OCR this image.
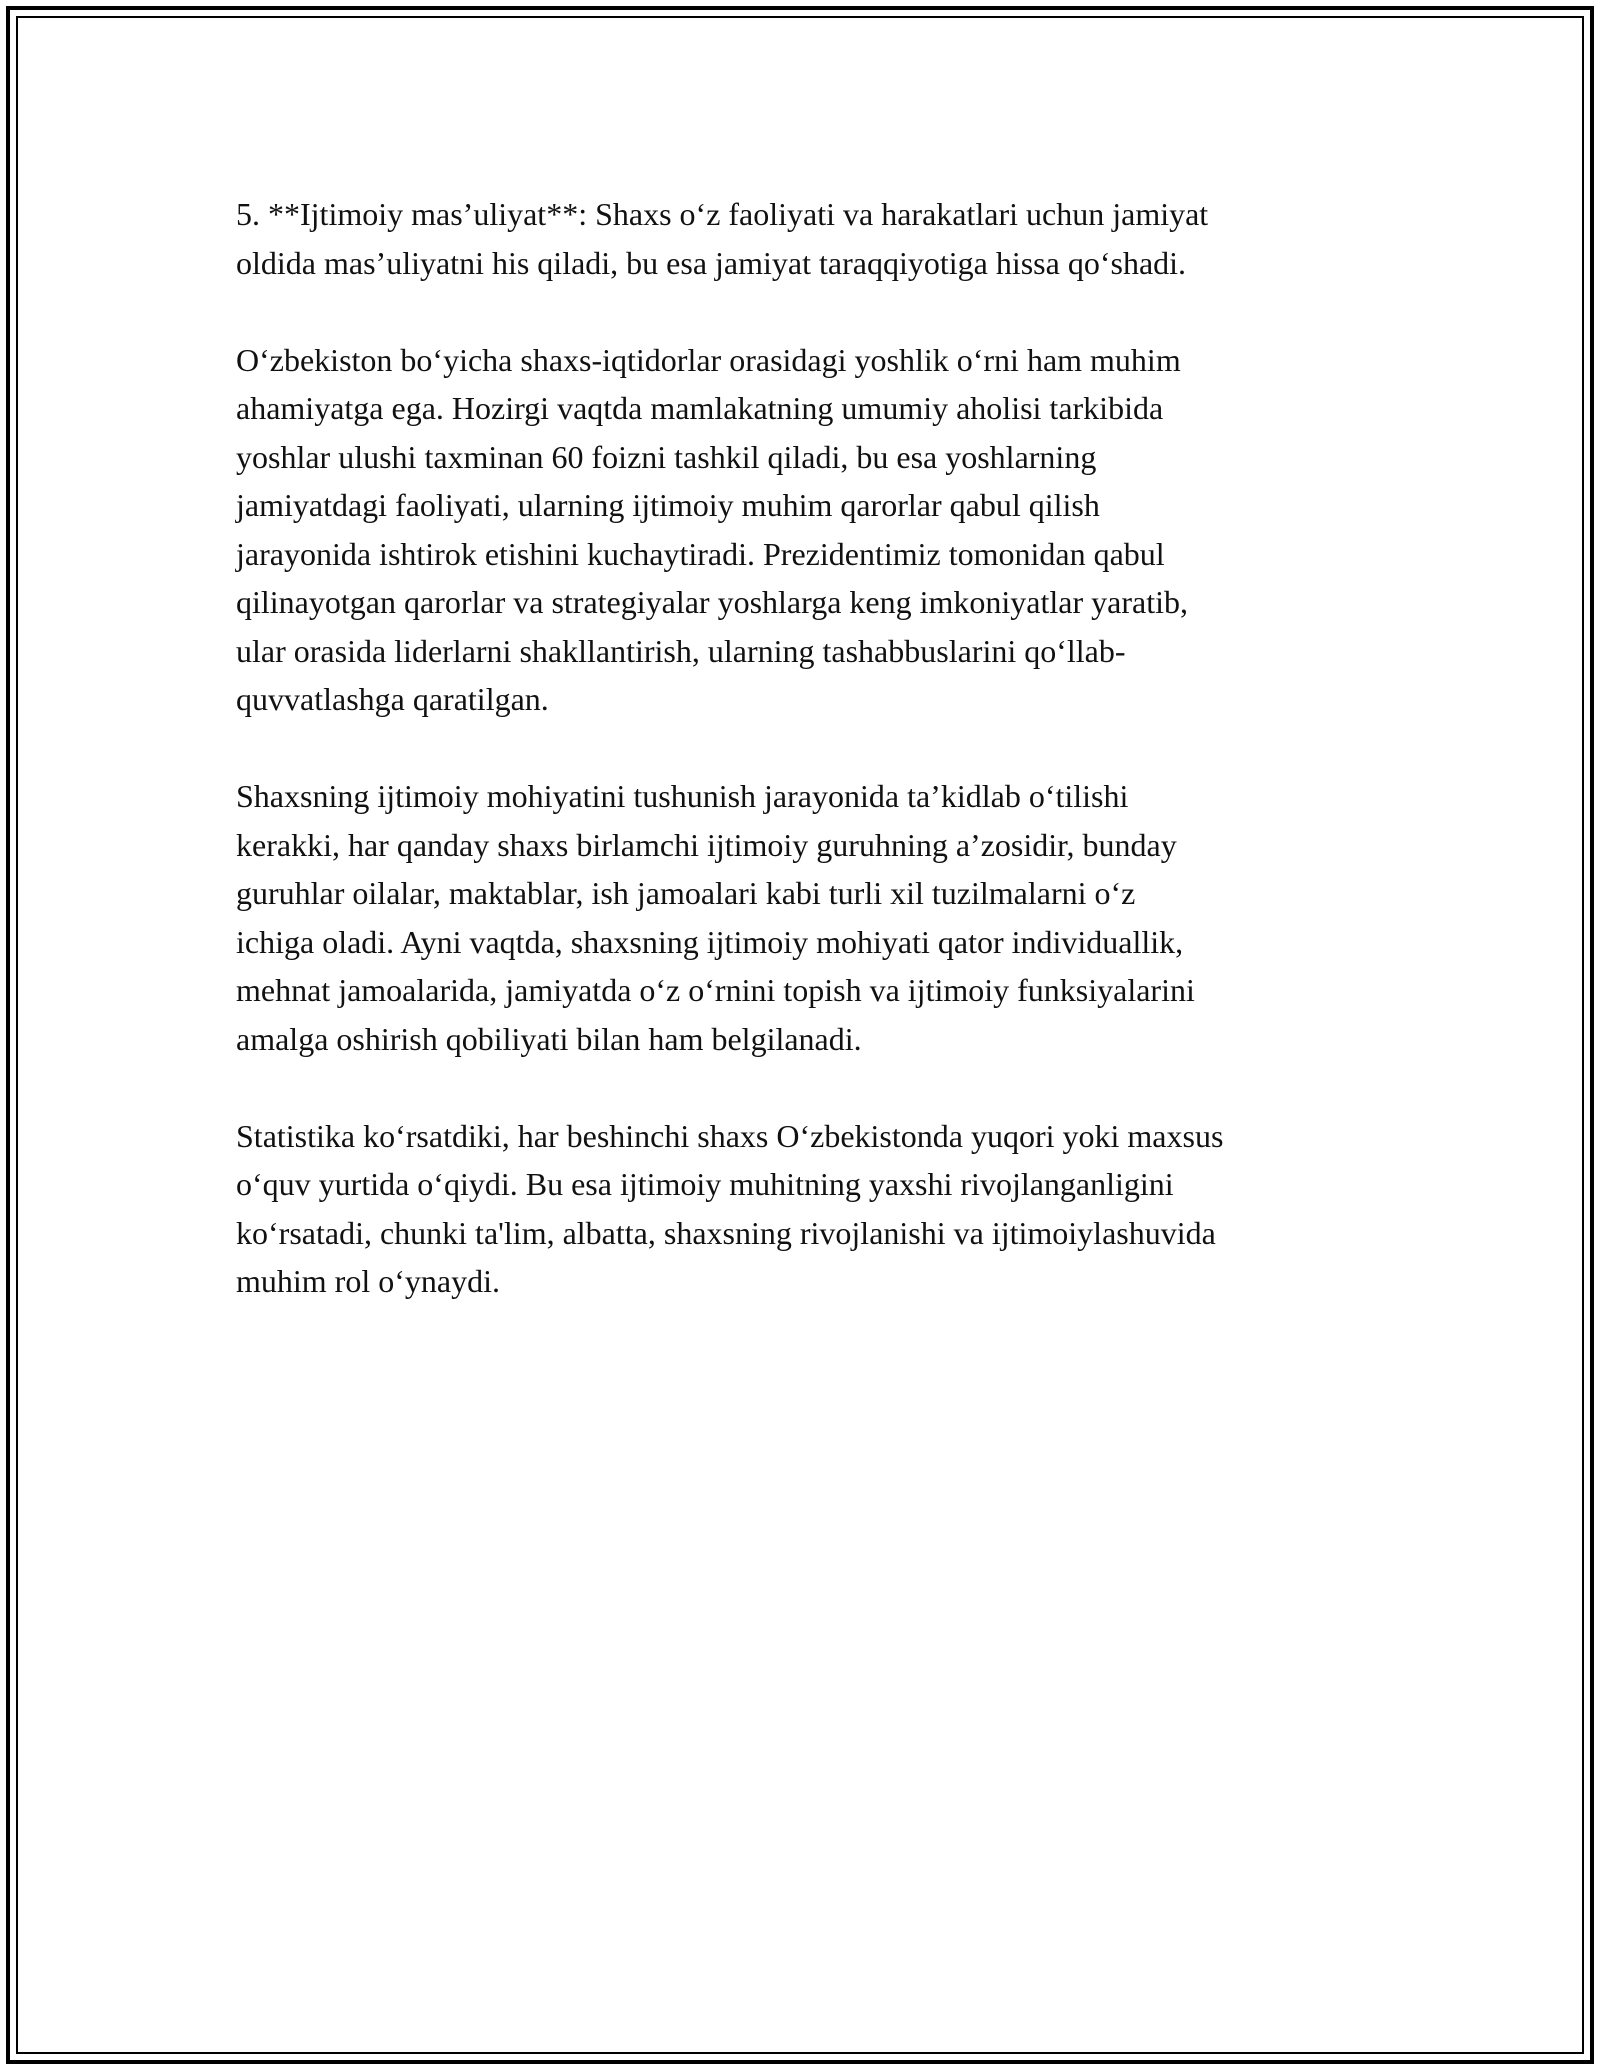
5. **Ijtimoiy mas’uliyat**: Shaxs o‘z faoliyati va harakatlari uchun jamiyat
oldida mas’uliyatni his qiladi, bu esa jamiyat taraqqiyotiga hissa qo‘shadi.

O‘zbekiston bo‘yicha shaxs-iqtidorlar orasidagi yoshlik o‘rni ham muhim
ahamiyatga ega. Hozirgi vaqtda mamlakatning umumiy aholisi tarkibida
yoshlar ulushi taxminan 60 foizni tashkil qiladi, bu esa yoshlarning
jamiyatdagi faoliyati, ularning ijtimoiy muhim qarorlar qabul qilish
jarayonida ishtirok etishini kuchaytiradi. Prezidentimiz tomonidan qabul
qilinayotgan qarorlar va strategiyalar yoshlarga keng imkoniyatlar yaratib,
ular orasida liderlarni shakllantirish, ularning tashabbuslarini qo‘llab-
quvvatlashga qaratilgan.

Shaxsning ijtimoiy mohiyatini tushunish jarayonida ta’kidlab o‘tilishi
kerakki, har qanday shaxs birlamchi ijtimoiy guruhning a’zosidir, bunday
guruhlar oilalar, maktablar, ish jamoalari kabi turli xil tuzilmalarni o‘z
ichiga oladi. Ayni vaqtda, shaxsning ijtimoiy mohiyati qator individuallik,
mehnat jamoalarida, jamiyatda o‘z o‘rnini topish va ijtimoiy funksiyalarini
amalga oshirish qobiliyati bilan ham belgilanadi.

Statistika ko‘rsatdiki, har beshinchi shaxs O‘zbekistonda yuqori yoki maxsus
o‘quv yurtida o‘qiydi. Bu esa ijtimoiy muhitning yaxshi rivojlanganligini
ko‘rsatadi, chunki ta'lim, albatta, shaxsning rivojlanishi va ijtimoiylashuvida
muhim rol o‘ynaydi.
